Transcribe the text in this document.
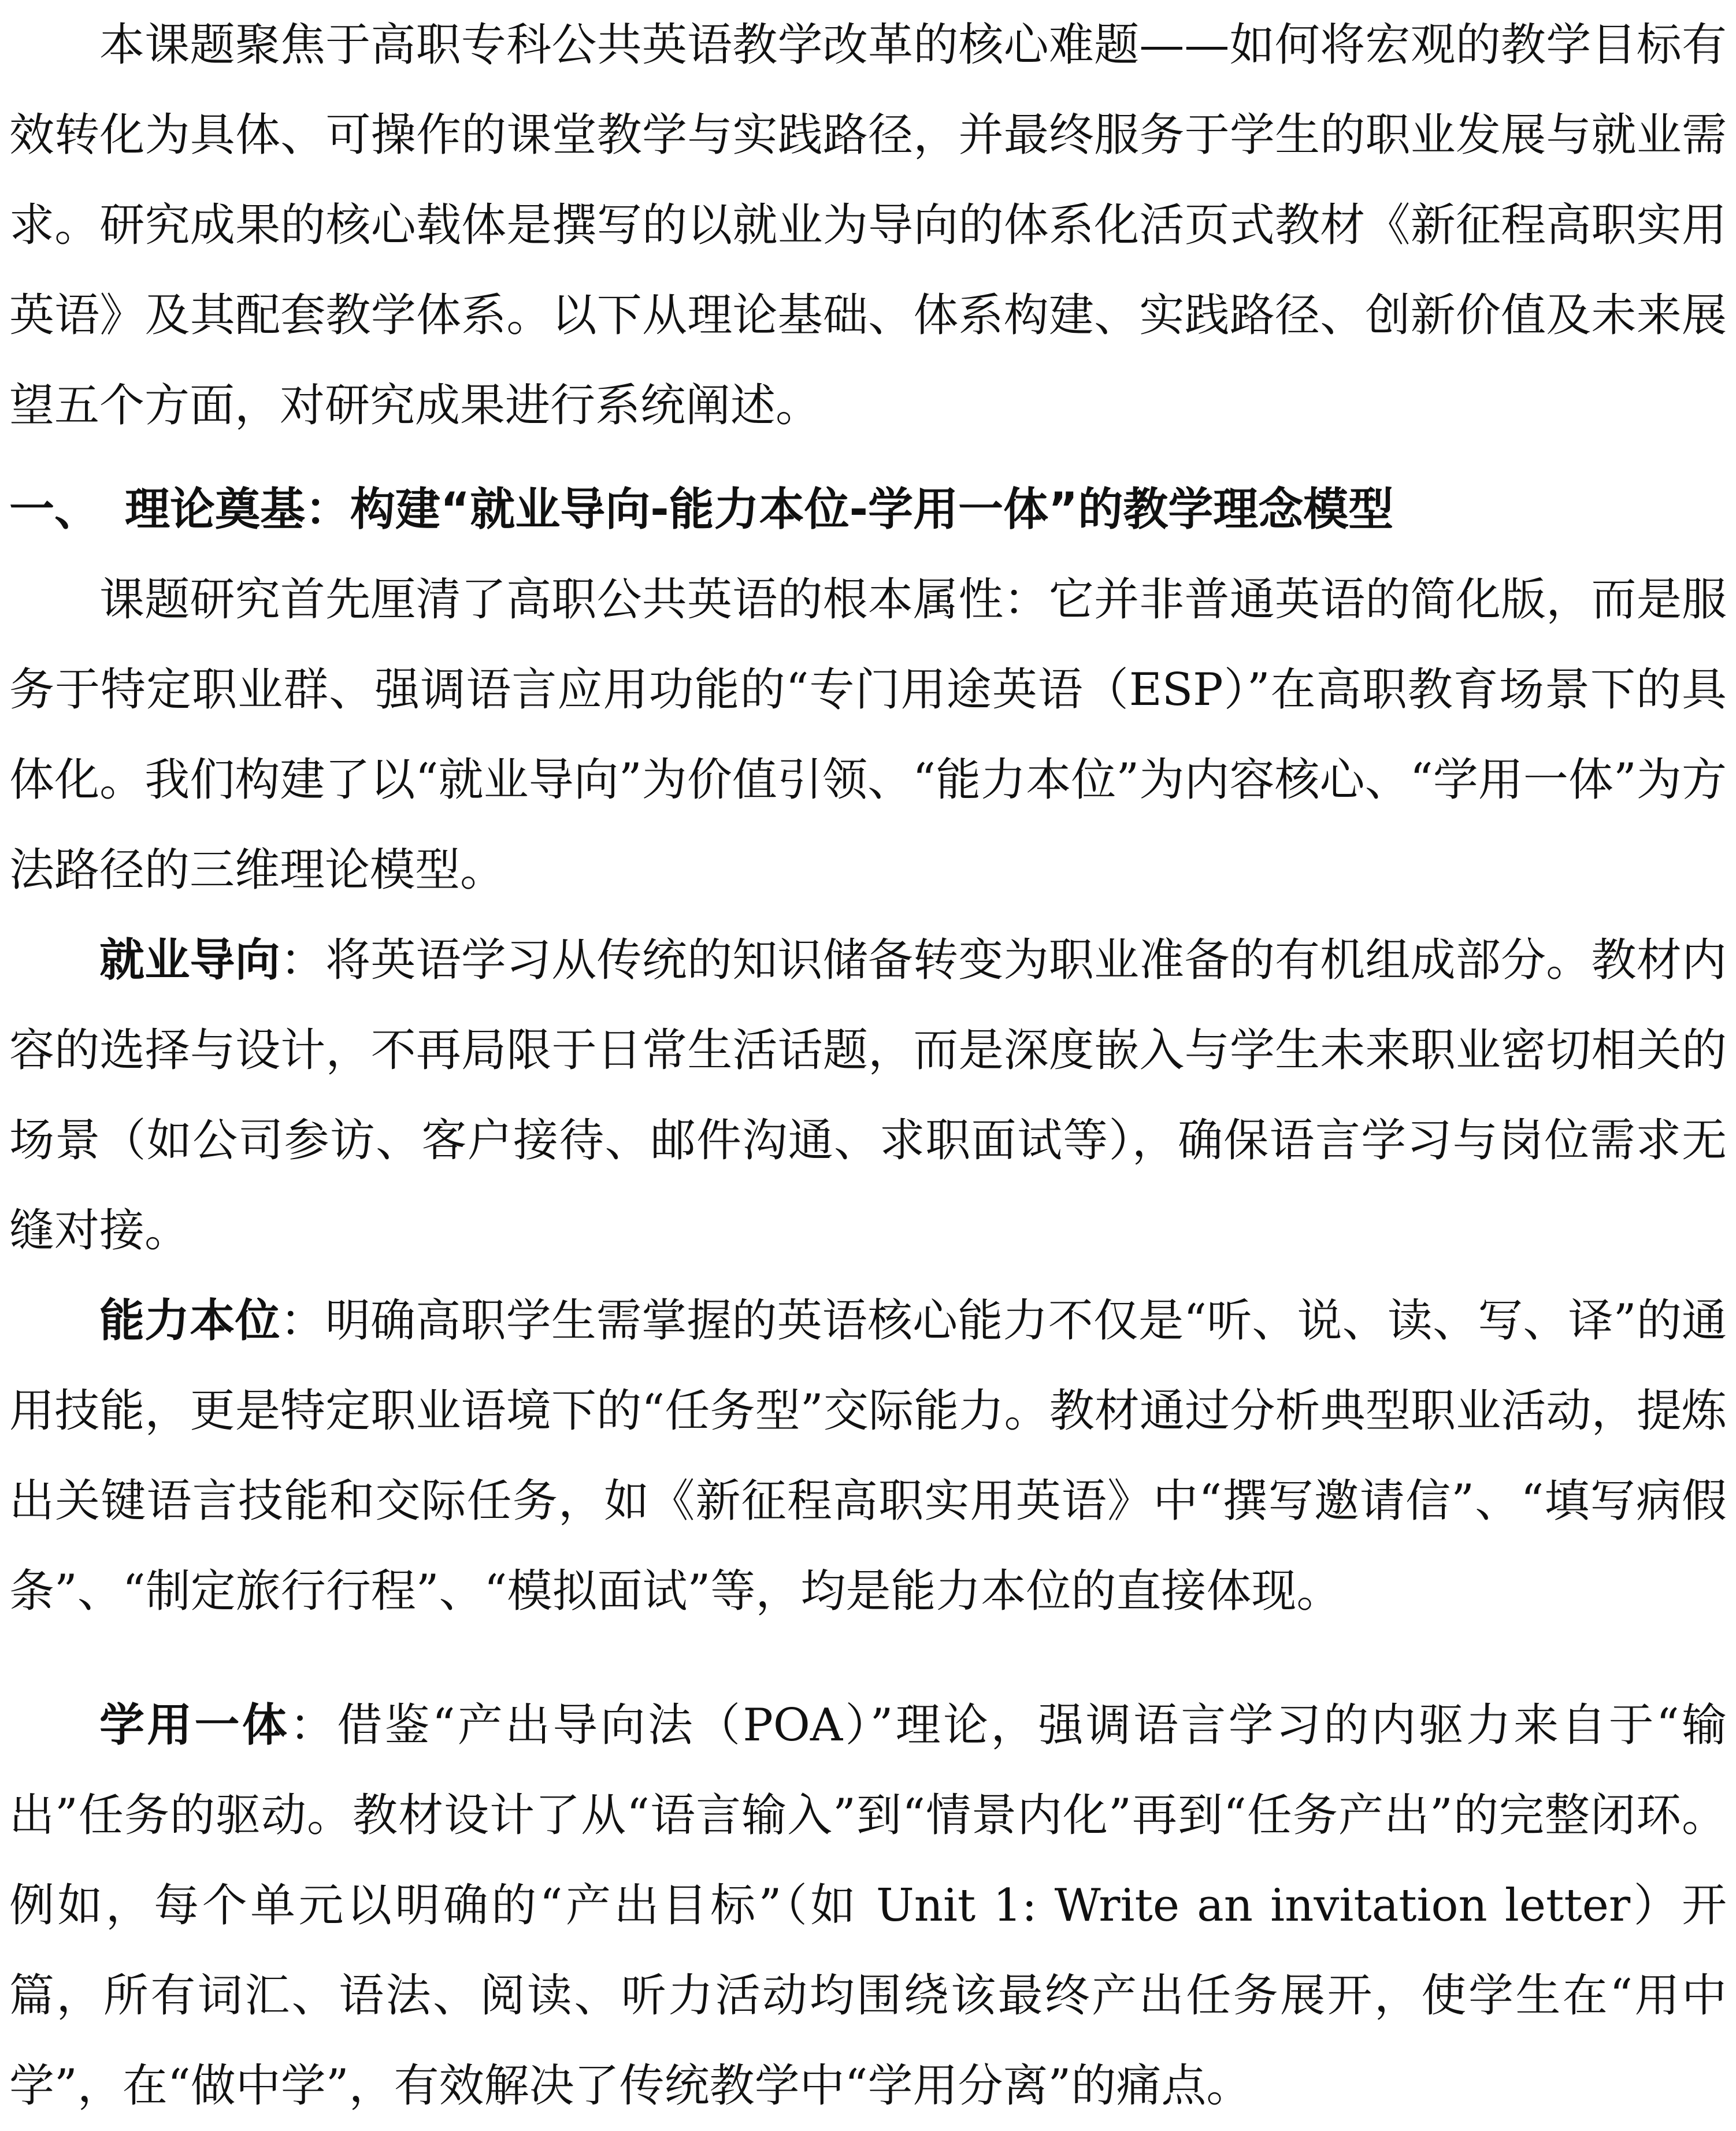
本课题聚焦于高职专科公共英语教学改革的核心难题——如何将宏观的教学目标有效转化为具体、可操作的课堂教学与实践路径，并最终服务于学生的职业发展与就业需求。研究成果的核心载体是撰写的以就业为导向的体系化活页式教材《新征程高职实用英语》及其配套教学体系。以下从理论基础、体系构建、实践路径、创新价值及未来展望五个方面，对研究成果进行系统阐述。

一、 理论奠基：构建“就业导向-能力本位-学用一体”的教学理念模型

课题研究首先厘清了高职公共英语的根本属性：它并非普通英语的简化版，而是服务于特定职业群、强调语言应用功能的“专门用途英语（ESP）”在高职教育场景下的具体化。我们构建了以“就业导向”为价值引领、“能力本位”为内容核心、“学用一体”为方法路径的三维理论模型。

就业导向：将英语学习从传统的知识储备转变为职业准备的有机组成部分。教材内容的选择与设计，不再局限于日常生活话题，而是深度嵌入与学生未来职业密切相关的场景（如公司参访、客户接待、邮件沟通、求职面试等），确保语言学习与岗位需求无缝对接。

能力本位：明确高职学生需掌握的英语核心能力不仅是“听、说、读、写、译”的通用技能，更是特定职业语境下的“任务型”交际能力。教材通过分析典型职业活动，提炼出关键语言技能和交际任务，如《新征程高职实用英语》中“撰写邀请信”、“填写病假条”、“制定旅行行程”、“模拟面试”等，均是能力本位的直接体现。

学用一体：借鉴“产出导向法（POA）”理论，强调语言学习的内驱力来自于“输出”任务的驱动。教材设计了从“语言输入”到“情景内化”再到“任务产出”的完整闭环。例如，每个单元以明确的“产出目标”（如 Unit 1: Write an invitation letter）开篇，所有词汇、语法、阅读、听力活动均围绕该最终产出任务展开，使学生在“用中学”，在“做中学”，有效解决了传统教学中“学用分离”的痛点。
